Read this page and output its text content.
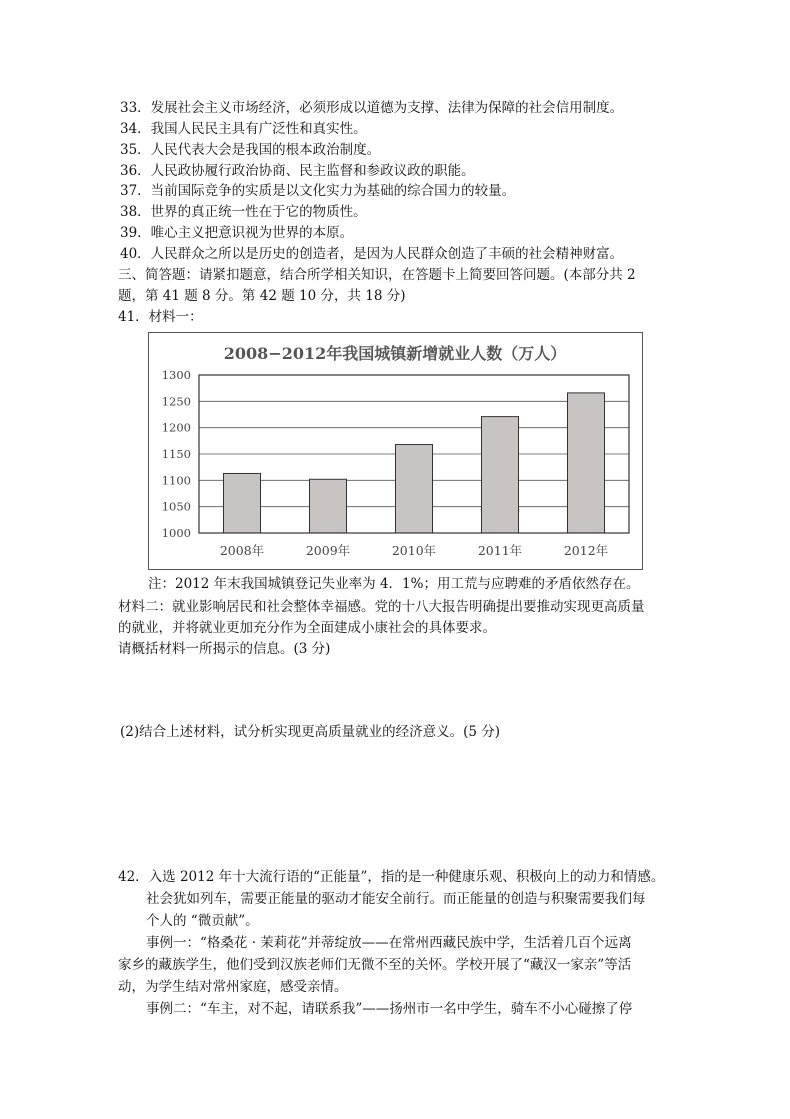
33．发展社会主义市场经济，必须形成以道德为支撑、法律为保障的社会信用制度。
34．我国人民民主具有广泛性和真实性。
35．人民代表大会是我国的根本政治制度。
36．人民政协履行政治协商、民主监督和参政议政的职能。
37．当前国际竞争的实质是以文化实力为基础的综合国力的较量。
38．世界的真正统一性在于它的物质性。
39．唯心主义把意识视为世界的本原。
40．人民群众之所以是历史的创造者，是因为人民群众创造了丰硕的社会精神财富。
三、简答题：请紧扣题意，结合所学相关知识，在答题卡上简要回答问题。(本部分共 2
题，第 41 题 8 分。第 42 题 10 分，共 18 分)
41．材料一：
2008−2012年我国城镇新增就业人数（万人）
1000
1050
1100
1150
1200
1250
1300
2008年	2009年	2010年	2011年	2012年
注：2012 年末我国城镇登记失业率为 4．1%；用工荒与应聘难的矛盾依然存在。
材料二：就业影响居民和社会整体幸福感。党的十八大报告明确提出要推动实现更高质量
的就业，并将就业更加充分作为全面建成小康社会的具体要求。
请概括材料一所揭示的信息。(3 分)
(2)结合上述材料，试分析实现更高质量就业的经济意义。(5 分)
42．入选 2012 年十大流行语的“正能量”，指的是一种健康乐观、积极向上的动力和情感。
社会犹如列车，需要正能量的驱动才能安全前行。而正能量的创造与积聚需要我们每
个人的 “微贡献”。
事例一：“格桑花 · 茉莉花”并蒂绽放——在常州西藏民族中学，生活着几百个远离
家乡的藏族学生，他们受到汉族老师们无微不至的关怀。学校开展了“藏汉一家亲”等活
动，为学生结对常州家庭，感受亲情。
事例二：“车主，对不起，请联系我”——扬州市一名中学生，骑车不小心碰擦了停
